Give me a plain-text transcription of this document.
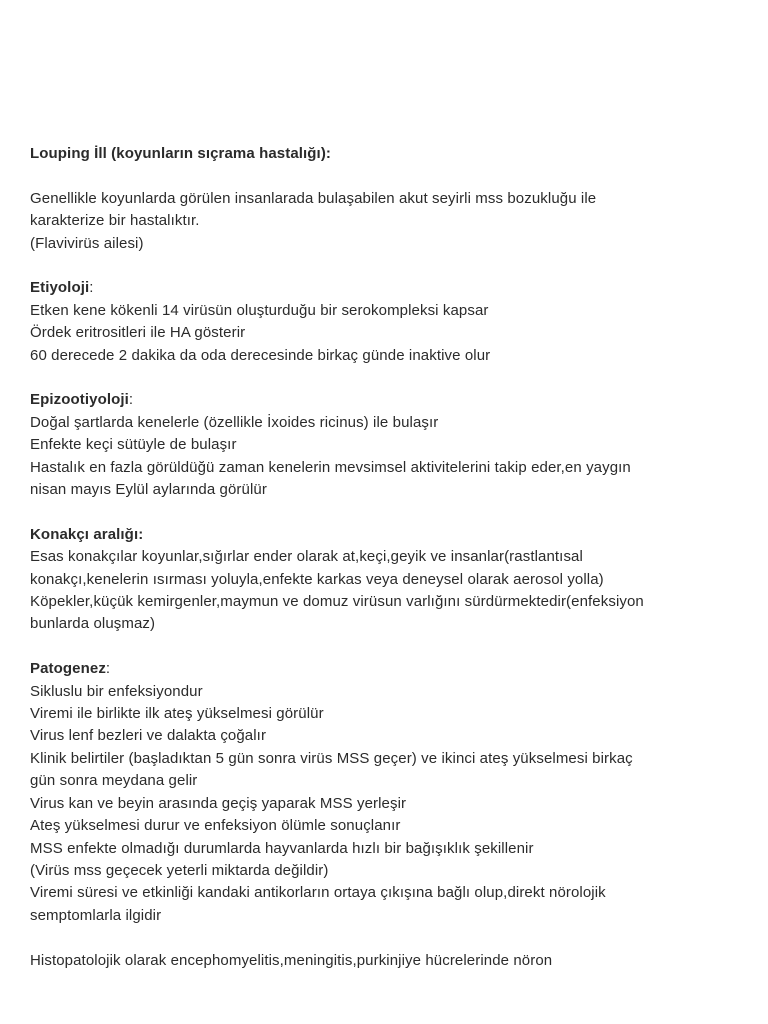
Louping İll (koyunların sıçrama hastalığı):
Genellikle koyunlarda görülen insanlarada bulaşabilen akut seyirli mss bozukluğu ile
karakterize bir hastalıktır.
(Flavivirüs ailesi)
Etiyoloji:
Etken kene kökenli 14 virüsün oluşturduğu bir serokompleksi kapsar
Ördek eritrositleri ile HA gösterir
60 derecede 2 dakika da oda derecesinde birkaç günde inaktive olur
Epizootiyoloji:
Doğal şartlarda kenelerle (özellikle İxoides ricinus) ile bulaşır
Enfekte keçi sütüyle de bulaşır
Hastalık en fazla görüldüğü zaman kenelerin mevsimsel aktivitelerini takip eder,en yaygın
nisan mayıs Eylül aylarında görülür
Konakçı aralığı:
Esas konakçılar koyunlar,sığırlar ender olarak at,keçi,geyik ve insanlar(rastlantısal
konakçı,kenelerin ısırması yoluyla,enfekte karkas veya deneysel olarak aerosol yolla)
Köpekler,küçük kemirgenler,maymun ve domuz virüsun varlığını sürdürmektedir(enfeksiyon
bunlarda oluşmaz)
Patogenez:
Sikluslu bir enfeksiyondur
Viremi ile birlikte ilk ateş yükselmesi görülür
Virus lenf bezleri ve dalakta çoğalır
Klinik belirtiler (başladıktan 5 gün sonra virüs MSS geçer) ve ikinci ateş yükselmesi birkaç
gün sonra meydana gelir
Virus kan ve beyin arasında geçiş yaparak MSS yerleşir
Ateş yükselmesi durur ve enfeksiyon ölümle sonuçlanır
MSS enfekte olmadığı durumlarda hayvanlarda hızlı bir bağışıklık şekillenir
(Virüs mss geçecek yeterli miktarda değildir)
Viremi süresi ve etkinliği kandaki antikorların ortaya çıkışına bağlı olup,direkt nörolojik
semptomlarla ilgidir
Histopatolojik olarak encephomyelitis,meningitis,purkinjiye hücrelerinde nöron
